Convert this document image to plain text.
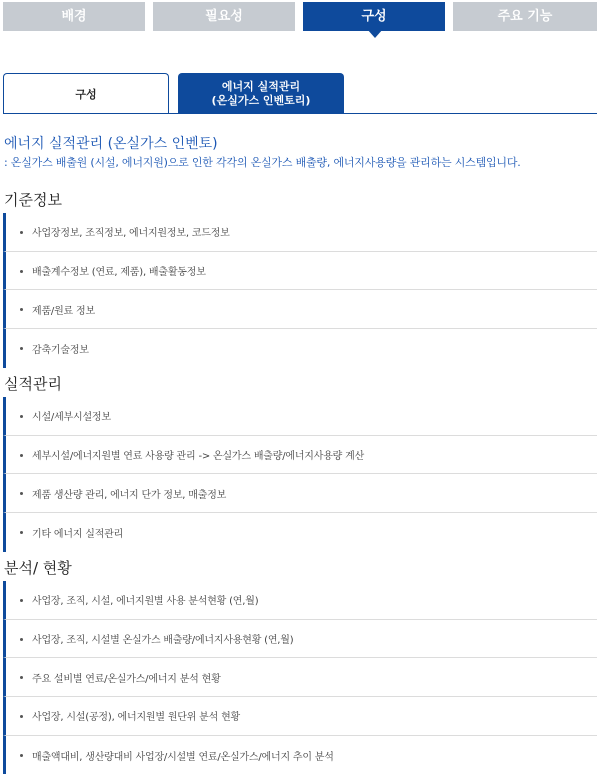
배경	필요성	구성	주요 기능
구성
에너지 실적관리
(온실가스 인벤토리)
에너지 실적관리 (온실가스 인벤토)
: 온실가스 배출원 (시설, 에너지원)으로 인한 각각의 온실가스 배출량, 에너지사용량을 관리하는 시스템입니다.
기준정보
사업장정보, 조직정보, 에너지원정보, 코드정보
배출계수정보 (연료, 제품), 배출활동정보
제품/원료 정보
감축기술정보
실적관리
시설/세부시설정보
세부시설/에너지원별 연료 사용량 관리 -> 온실가스 배출량/에너지사용량 계산
제품 생산량 관리, 에너지 단가 정보, 매출정보
기타 에너지 실적관리
분석/ 현황
사업장, 조직, 시설, 에너지원별 사용 분석현황 (연,월)
사업장, 조직, 시설별 온실가스 배출량/에너지사용현황 (연,월)
주요 설비별 연료/온실가스/에너지 분석 현황
사업장, 시설(공정), 에너지원별 원단위 분석 현황
매출액대비, 생산량대비 사업장/시설별 연료/온실가스/에너지 추이 분석
